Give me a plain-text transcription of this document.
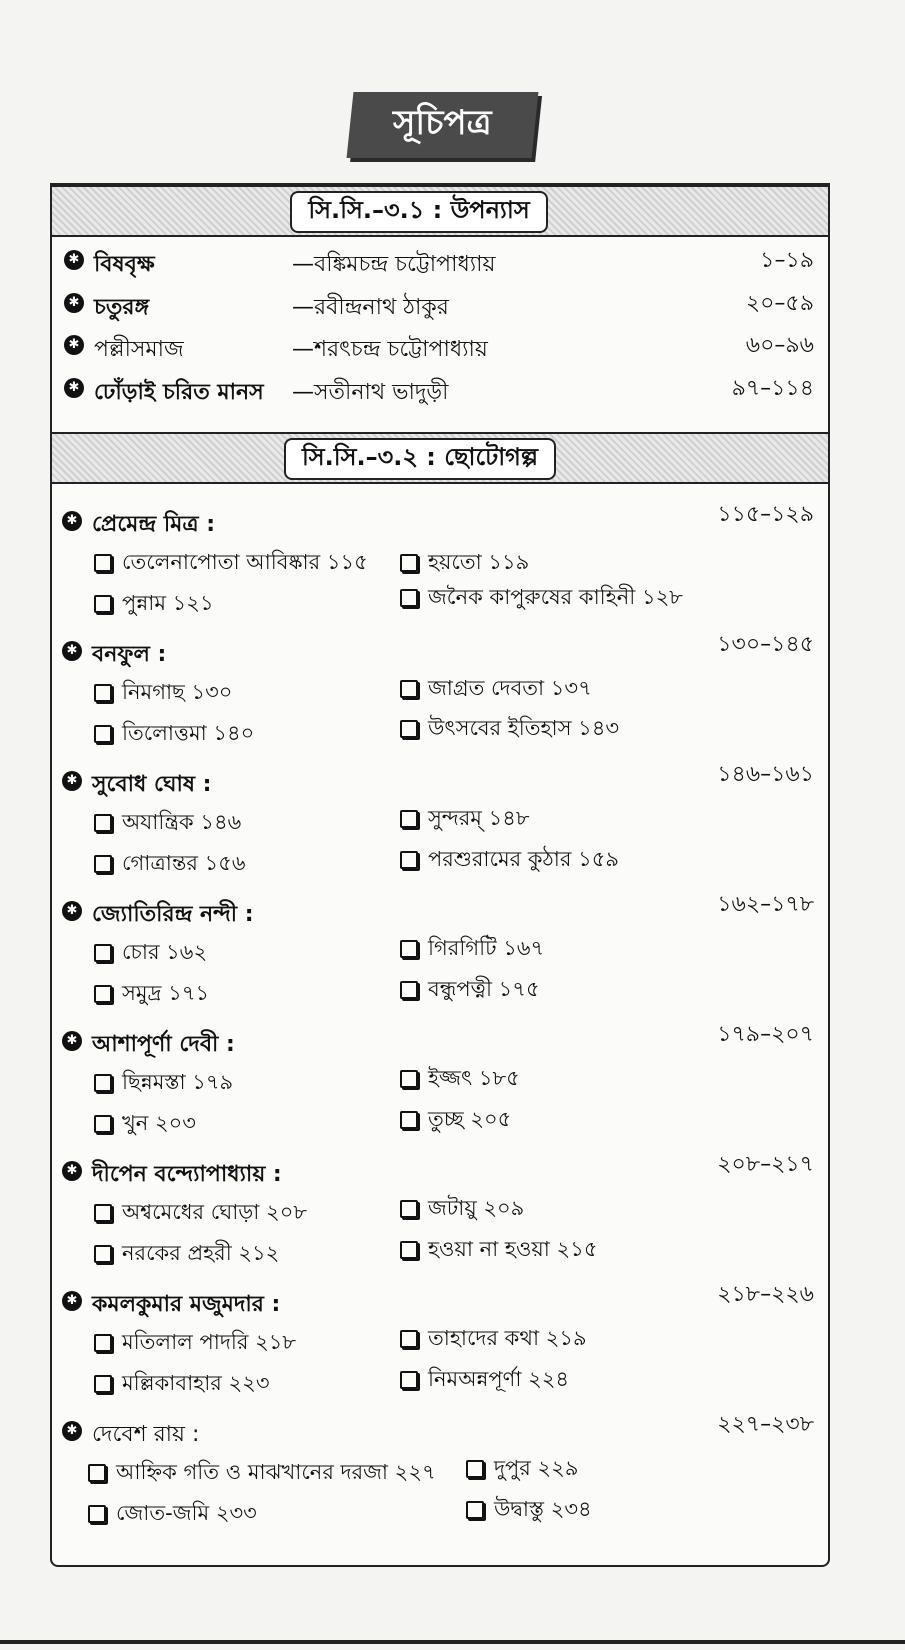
সূচিপত্র
সি.সি.–৩.১ : উপন্যাস
✱ বিষবৃক্ষ	—বঙ্কিমচন্দ্র চট্টোপাধ্যায়	১–১৯
✱ চতুরঙ্গ	—রবীন্দ্রনাথ ঠাকুর	২০–৫৯
✱ পল্লীসমাজ	—শরৎচন্দ্র চট্টোপাধ্যায়	৬০–৯৬
✱ ঢোঁড়াই চরিত মানস —সতীনাথ ভাদুড়ী	৯৭–১১৪
সি.সি.–৩.২ : ছোটোগল্প
✱ প্রেমেন্দ্র মিত্র :	১১৫–১২৯
তেলেনাপোতা আবিষ্কার ১১৫	হয়তো ১১৯
পুন্নাম ১২১	জনৈক কাপুরুষের কাহিনী ১২৮
✱ বনফুল :	১৩০–১৪৫
নিমগাছ ১৩০	জাগ্রত দেবতা ১৩৭
তিলোত্তমা ১৪০	উৎসবের ইতিহাস ১৪৩
✱ সুবোধ ঘোষ :	১৪৬–১৬১
অযান্ত্রিক ১৪৬	সুন্দরম্ ১৪৮
গোত্রান্তর ১৫৬	পরশুরামের কুঠার ১৫৯
✱ জ্যোতিরিন্দ্র নন্দী :	১৬২–১৭৮
চোর ১৬২	গিরগিটি ১৬৭
সমুদ্র ১৭১	বন্ধুপত্নী ১৭৫
✱ আশাপূর্ণা দেবী :	১৭৯–২০৭
ছিন্নমস্তা ১৭৯	ইজ্জৎ ১৮৫
খুন ২০৩	তুচ্ছ ২০৫
✱ দীপেন বন্দ্যোপাধ্যায় :	২০৮–২১৭
অশ্বমেধের ঘোড়া ২০৮	জটায়ু ২০৯
নরকের প্রহরী ২১২	হওয়া না হওয়া ২১৫
✱ কমলকুমার মজুমদার :	২১৮–২২৬
মতিলাল পাদরি ২১৮	তাহাদের কথা ২১৯
মল্লিকাবাহার ২২৩	নিমঅন্নপূর্ণা ২২৪
✱ দেবেশ রায় :	২২৭–২৩৮
আহ্নিক গতি ও মাঝখানের দরজা ২২৭	দুপুর ২২৯
জোত-জমি ২৩৩	উদ্বাস্তু ২৩৪
